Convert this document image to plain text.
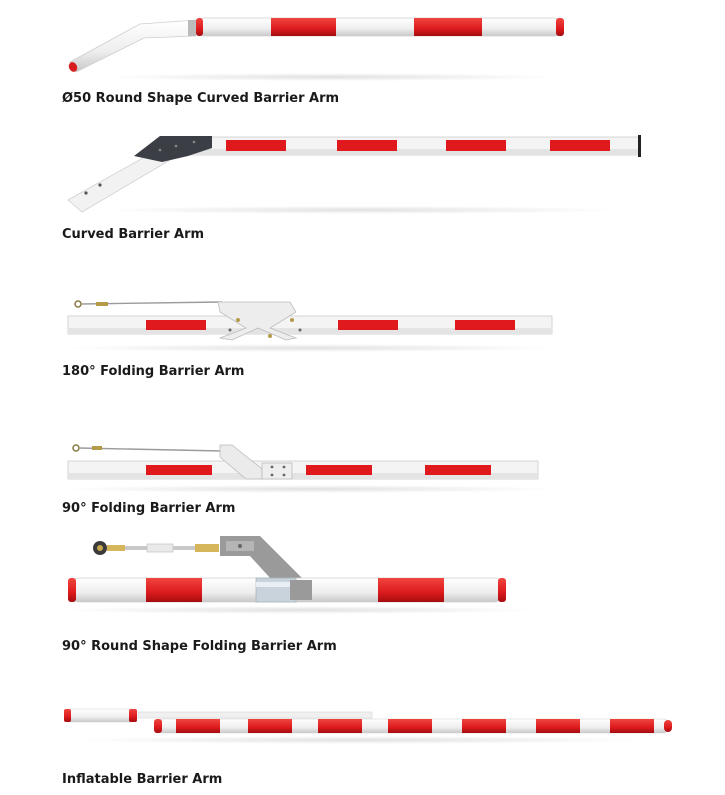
Ø50 Round Shape Curved Barrier Arm
Curved Barrier Arm
180° Folding Barrier Arm
90° Folding Barrier Arm
90° Round Shape Folding Barrier Arm
Inflatable Barrier Arm
